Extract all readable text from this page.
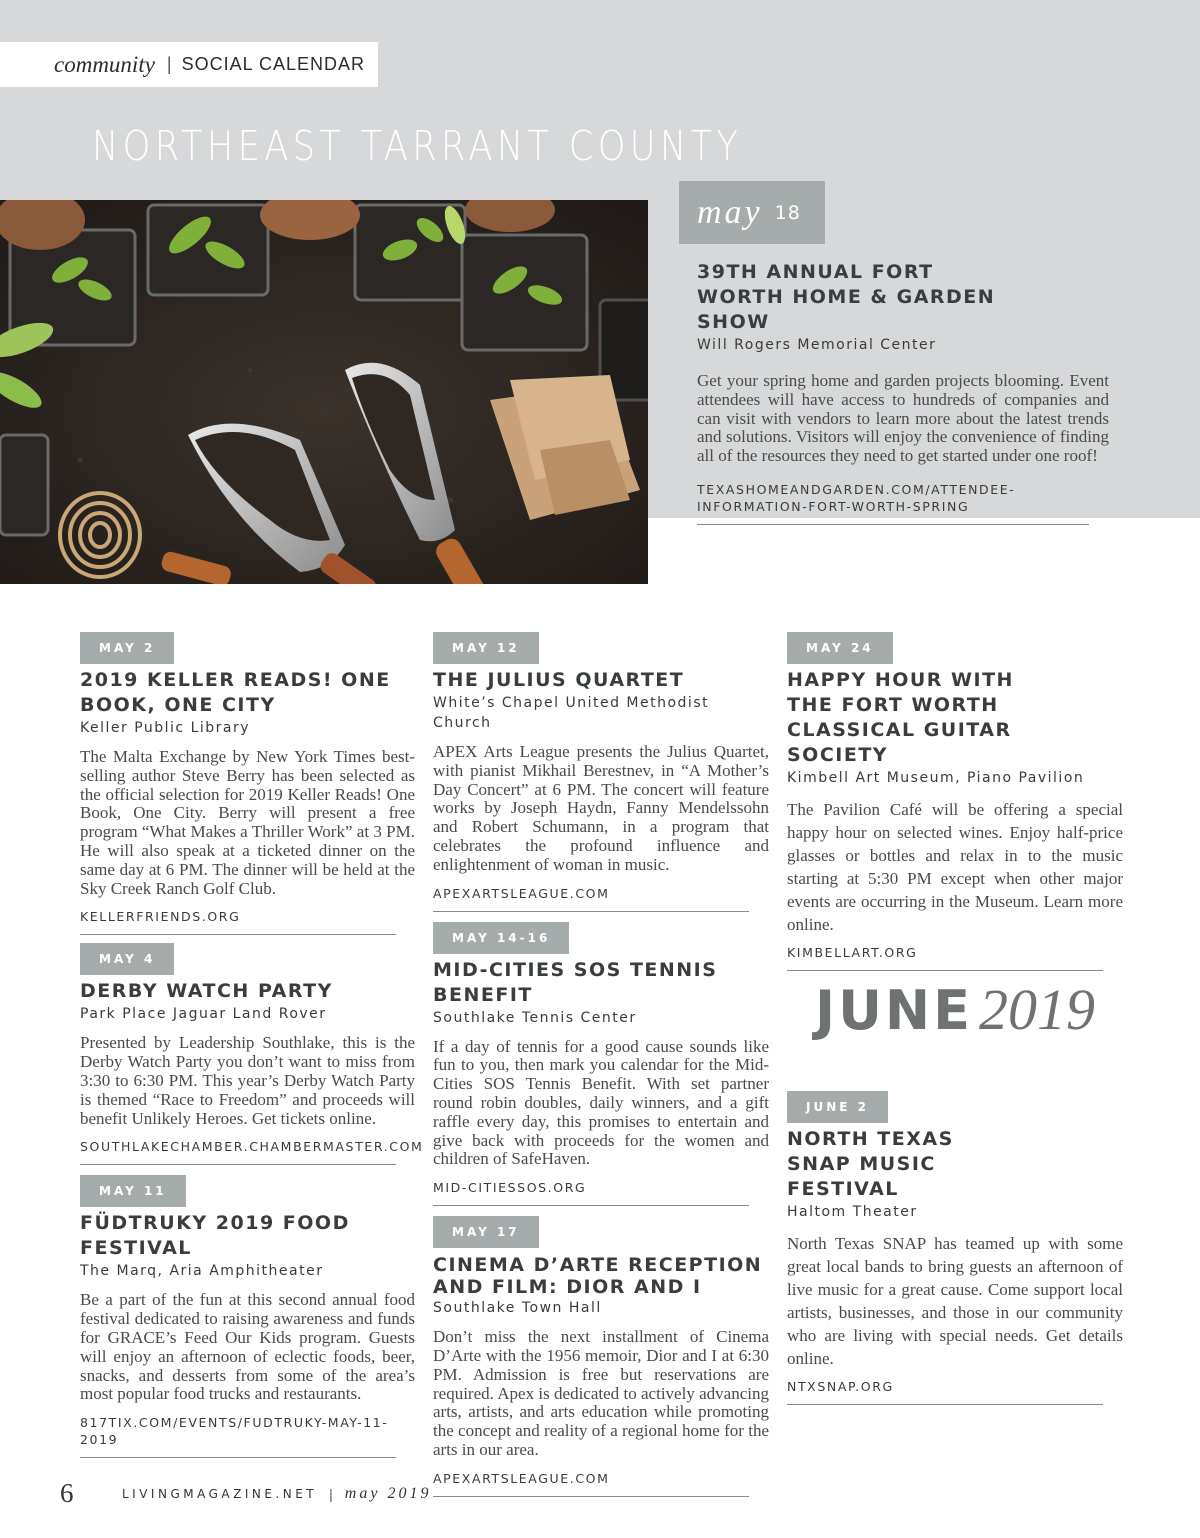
community | SOCIAL CALENDAR
NORTHEAST TARRANT COUNTY
may 18
39TH ANNUAL FORT WORTH HOME & GARDEN SHOW
Will Rogers Memorial Center
Get your spring home and garden projects blooming. Event attendees will have access to hundreds of companies and can visit with vendors to learn more about the latest trends and solutions. Visitors will enjoy the convenience of finding all of the resources they need to get started under one roof!
TEXASHOMEANDGARDEN.COM/ATTENDEE-INFORMATION-FORT-WORTH-SPRING
MAY 2
2019 KELLER READS! ONE BOOK, ONE CITY
Keller Public Library
The Malta Exchange by New York Times best-selling author Steve Berry has been selected as the official selection for 2019 Keller Reads! One Book, One City. Berry will present a free program “What Makes a Thriller Work” at 3 PM. He will also speak at a ticketed dinner on the same day at 6 PM. The dinner will be held at the Sky Creek Ranch Golf Club.
KELLERFRIENDS.ORG
MAY 4
DERBY WATCH PARTY
Park Place Jaguar Land Rover
Presented by Leadership Southlake, this is the Derby Watch Party you don’t want to miss from 3:30 to 6:30 PM. This year’s Derby Watch Party is themed “Race to Freedom” and proceeds will benefit Unlikely Heroes. Get tickets online.
SOUTHLAKECHAMBER.CHAMBERMASTER.COM
MAY 11
FÜDTRUKY 2019 FOOD FESTIVAL
The Marq, Aria Amphitheater
Be a part of the fun at this second annual food festival dedicated to raising awareness and funds for GRACE’s Feed Our Kids program. Guests will enjoy an afternoon of eclectic foods, beer, snacks, and desserts from some of the area’s most popular food trucks and restaurants.
817TIX.COM/EVENTS/FUDTRUKY-MAY-11-2019
MAY 12
THE JULIUS QUARTET
White’s Chapel United Methodist Church
APEX Arts League presents the Julius Quartet, with pianist Mikhail Berestnev, in “A Mother’s Day Concert” at 6 PM. The concert will feature works by Joseph Haydn, Fanny Mendelssohn and Robert Schumann, in a program that celebrates the profound influence and enlightenment of woman in music.
APEXARTSLEAGUE.COM
MAY 14-16
MID-CITIES SOS TENNIS BENEFIT
Southlake Tennis Center
If a day of tennis for a good cause sounds like fun to you, then mark you calendar for the Mid-Cities SOS Tennis Benefit. With set partner round robin doubles, daily winners, and a gift raffle every day, this promises to entertain and give back with proceeds for the women and children of SafeHaven.
MID-CITIESSOS.ORG
MAY 17
CINEMA D’ARTE RECEPTION AND FILM: DIOR AND I
Southlake Town Hall
Don’t miss the next installment of Cinema D’Arte with the 1956 memoir, Dior and I at 6:30 PM. Admission is free but reservations are required. Apex is dedicated to actively advancing arts, artists, and arts education while promoting the concept and reality of a regional home for the arts in our area.
APEXARTSLEAGUE.COM
MAY 24
HAPPY HOUR WITH THE FORT WORTH CLASSICAL GUITAR SOCIETY
Kimbell Art Museum, Piano Pavilion
The Pavilion Café will be offering a special happy hour on selected wines. Enjoy half-price glasses or bottles and relax in to the music starting at 5:30 PM except when other major events are occurring in the Museum. Learn more online.
KIMBELLART.ORG
JUNE 2019
JUNE 2
NORTH TEXAS SNAP MUSIC FESTIVAL
Haltom Theater
North Texas SNAP has teamed up with some great local bands to bring guests an afternoon of live music for a great cause. Come support local artists, businesses, and those in our community who are living with special needs. Get details online.
NTXSNAP.ORG
6	LIVINGMAGAZINE.NET | may 2019
